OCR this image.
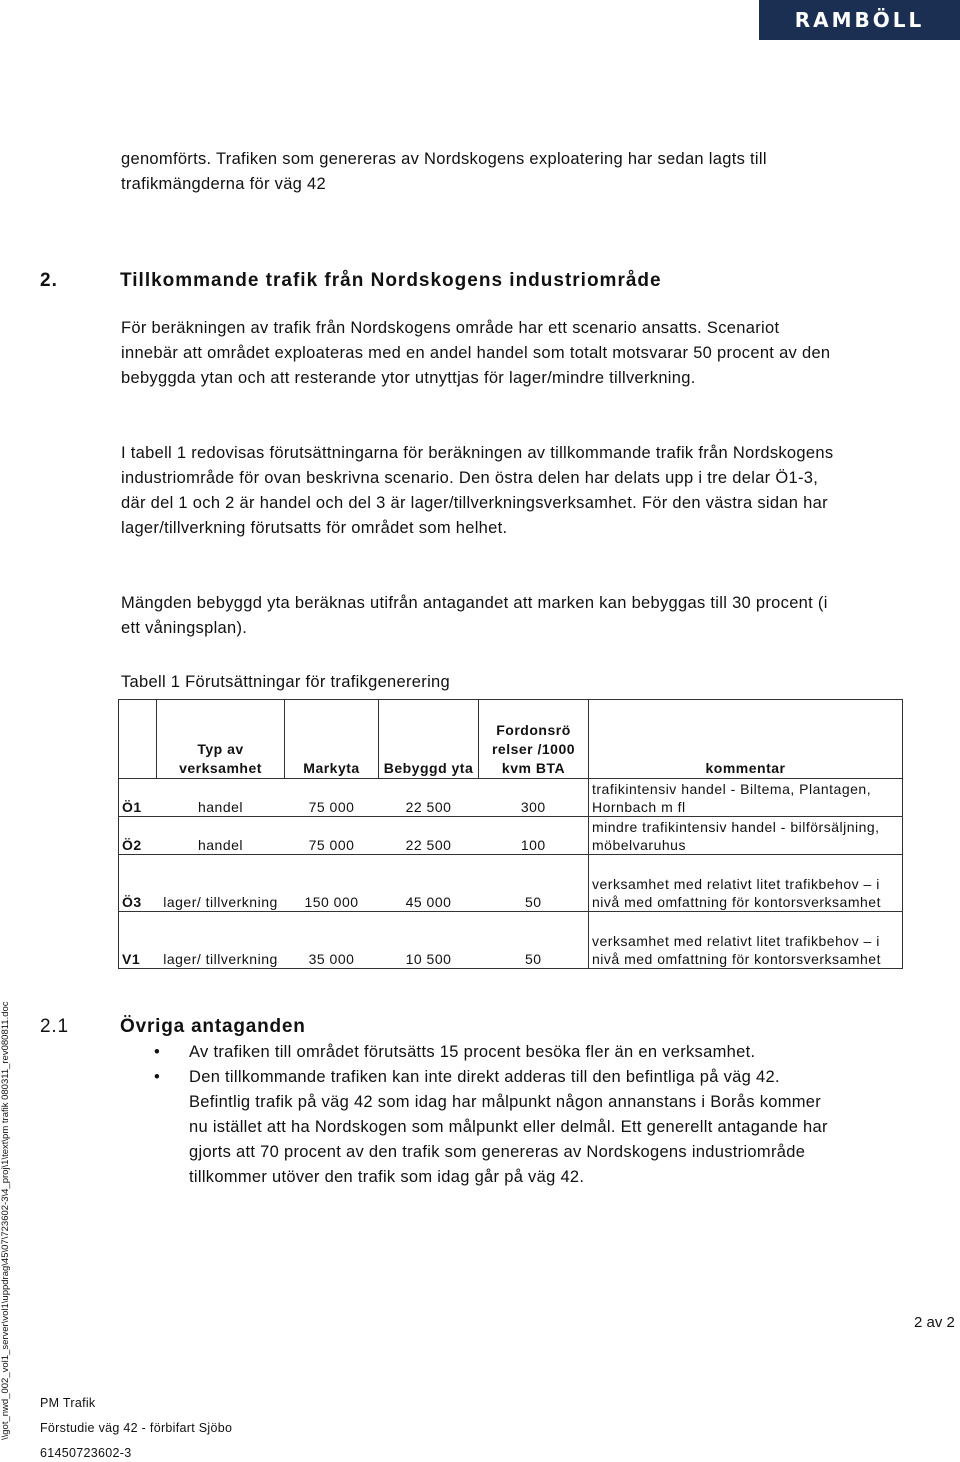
RAMBÖLL

genomförts. Trafiken som genereras av Nordskogens exploatering har sedan lagts till trafikmängderna för väg 42

2.	Tillkommande trafik från Nordskogens industriområde

För beräkningen av trafik från Nordskogens område har ett scenario ansatts. Scenariot innebär att området exploateras med en andel handel som totalt motsvarar 50 procent av den bebyggda ytan och att resterande ytor utnyttjas för lager/mindre tillverkning.

I tabell 1 redovisas förutsättningarna för beräkningen av tillkommande trafik från Nordskogens industriområde för ovan beskrivna scenario. Den östra delen har delats upp i tre delar Ö1-3, där del 1 och 2 är handel och del 3 är lager/tillverkningsverksamhet. För den västra sidan har lager/tillverkning förutsatts för området som helhet.

Mängden bebyggd yta beräknas utifrån antagandet att marken kan bebyggas till 30 procent (i ett våningsplan).

Tabell 1 Förutsättningar för trafikgenerering
	Typ av verksamhet	Markyta	Bebyggd yta	Fordonsrö relser /1000 kvm BTA	kommentar
Ö1	handel	75 000	22 500	300	trafikintensiv handel - Biltema, Plantagen, Hornbach m fl
Ö2	handel	75 000	22 500	100	mindre trafikintensiv handel - bilförsäljning, möbelvaruhus
Ö3	lager/ tillverkning	150 000	45 000	50	verksamhet med relativt litet trafikbehov – i nivå med omfattning för kontorsverksamhet
V1	lager/ tillverkning	35 000	10 500	50	verksamhet med relativt litet trafikbehov – i nivå med omfattning för kontorsverksamhet
2.1	Övriga antaganden
• Av trafiken till området förutsätts 15 procent besöka fler än en verksamhet.
• Den tillkommande trafiken kan inte direkt adderas till den befintliga på väg 42. Befintlig trafik på väg 42 som idag har målpunkt någon annanstans i Borås kommer nu istället att ha Nordskogen som målpunkt eller delmål. Ett generellt antagande har gjorts att 70 procent av den trafik som genereras av Nordskogens industriområde tillkommer utöver den trafik som idag går på väg 42.
\\got_nwd_002_vol1_server\vol1\uppdrag\45\07\723602-3\4_proj\1\text\pm trafik 080311_rev080811.doc	2 av 2
PM Trafik
Förstudie väg 42 - förbifart Sjöbo
61450723602-3
